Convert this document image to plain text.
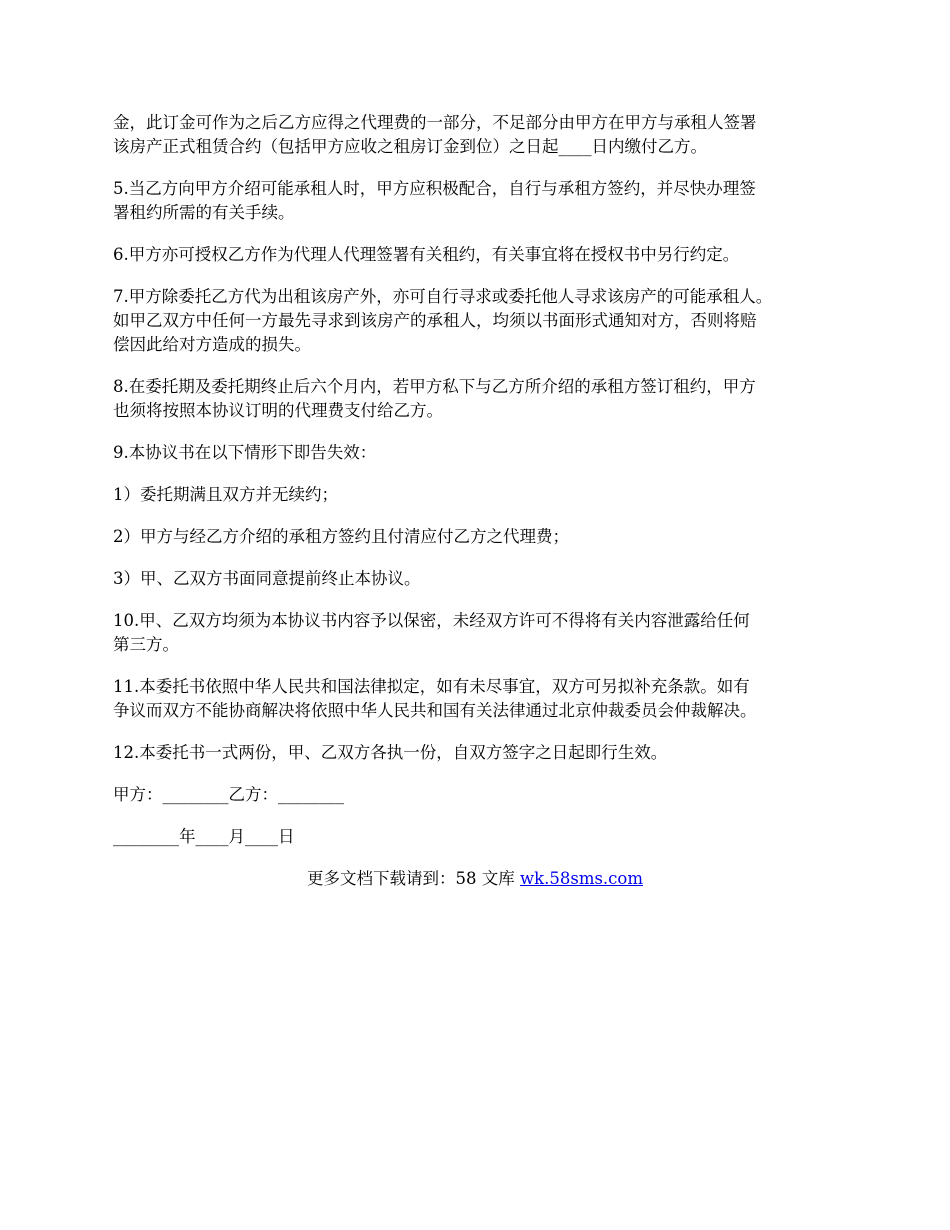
金，此订金可作为之后乙方应得之代理费的一部分，不足部分由甲方在甲方与承租人签署
该房产正式租赁合约（包括甲方应收之租房订金到位）之日起____日内缴付乙方。
5.当乙方向甲方介绍可能承租人时，甲方应积极配合，自行与承租方签约，并尽快办理签
署租约所需的有关手续。
6.甲方亦可授权乙方作为代理人代理签署有关租约，有关事宜将在授权书中另行约定。
7.甲方除委托乙方代为出租该房产外，亦可自行寻求或委托他人寻求该房产的可能承租人。
如甲乙双方中任何一方最先寻求到该房产的承租人，均须以书面形式通知对方，否则将赔
偿因此给对方造成的损失。
8.在委托期及委托期终止后六个月内，若甲方私下与乙方所介绍的承租方签订租约，甲方
也须将按照本协议订明的代理费支付给乙方。
9.本协议书在以下情形下即告失效：
1）委托期满且双方并无续约；
2）甲方与经乙方介绍的承租方签约且付清应付乙方之代理费；
3）甲、乙双方书面同意提前终止本协议。
10.甲、乙双方均须为本协议书内容予以保密，未经双方许可不得将有关内容泄露给任何
第三方。
11.本委托书依照中华人民共和国法律拟定，如有未尽事宜，双方可另拟补充条款。如有
争议而双方不能协商解决将依照中华人民共和国有关法律通过北京仲裁委员会仲裁解决。
12.本委托书一式两份，甲、乙双方各执一份，自双方签字之日起即行生效。
甲方：________乙方：________
________年____月____日
更多文档下载请到：58 文库 wk.58sms.com
